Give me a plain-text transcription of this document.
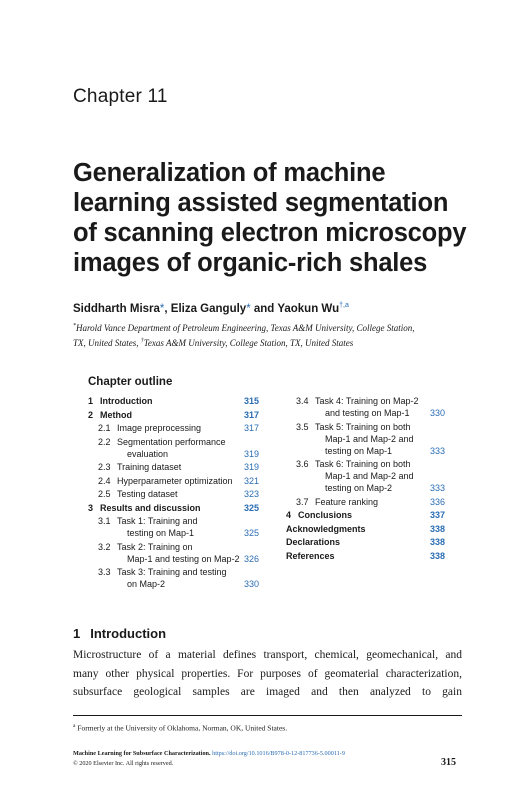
Chapter 11
Generalization of machine
learning assisted segmentation
of scanning electron microscopy
images of organic-rich shales
Siddharth Misra*, Eliza Ganguly* and Yaokun $Wu^{\dagger,a}$
*Harold Vance Department of Petroleum Engineering, Texas A&M University, College Station,
TX, United States, †Texas A&M University, College Station, TX, United States
Chapter outline
1 Introduction	315
2 Method	317
2.1 Image preprocessing	317
2.2 Segmentation performance
evaluation	319
2.3 Training dataset	319
2.4 Hyperparameter optimization 321
2.5 Testing dataset	323
3 Results and discussion	325
3.1 Task 1: Training and
testing on Map-1	325
3.2 Task 2: Training on
Map-1 and testing on Map-2 326
3.3 Task 3: Training and testing
on Map-2	330
3.4 Task 4: Training on Map-2
and testing on Map-1 330
3.5 Task 5: Training on both
Map-1 and Map-2 and
testing on Map-1	333
3.6 Task 6: Training on both
Map-1 and Map-2 and
testing on Map-2	333
3.7 Feature ranking	336
4 Conclusions	337
Acknowledgments	338
Declarations	338
References	338
1 Introduction
Microstructure of a material defines transport, chemical, geomechanical, and
many other physical properties. For purposes of geomaterial characterization,
subsurface geological samples are imaged and then analyzed to gain
$^a$ Formerly at the University of Oklahoma, Norman, OK, United States.
Machine Learning for Subsurface Characterization. https://doi.org/10.1016/B978-0-12-817736-5.00011-9
© 2020 Elsevier Inc. All rights reserved.	315
